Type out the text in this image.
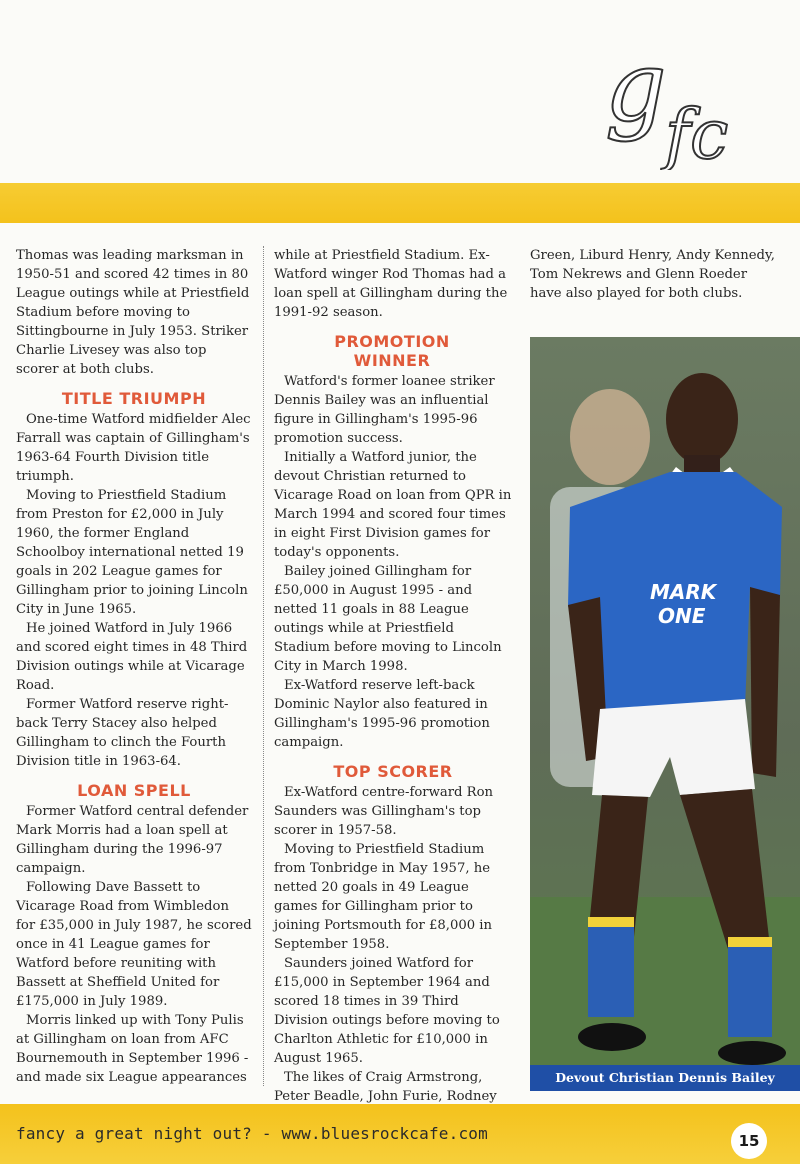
g
fc

Thomas was leading marksman in 1950-51 and scored 42 times in 80 League outings while at Priestfield Stadium before moving to Sittingbourne in July 1953. Striker Charlie Livesey was also top scorer at both clubs.

TITLE TRIUMPH

One-time Watford midfielder Alec Farrall was captain of Gillingham's 1963-64 Fourth Division title triumph.

Moving to Priestfield Stadium from Preston for £2,000 in July 1960, the former England Schoolboy international netted 19 goals in 202 League games for Gillingham prior to joining Lincoln City in June 1965.

He joined Watford in July 1966 and scored eight times in 48 Third Division outings while at Vicarage Road.

Former Watford reserve right-back Terry Stacey also helped Gillingham to clinch the Fourth Division title in 1963-64.

LOAN SPELL

Former Watford central defender Mark Morris had a loan spell at Gillingham during the 1996-97 campaign.

Following Dave Bassett to Vicarage Road from Wimbledon for £35,000 in July 1987, he scored once in 41 League games for Watford before reuniting with Bassett at Sheffield United for £175,000 in July 1989.

Morris linked up with Tony Pulis at Gillingham on loan from AFC Bournemouth in September 1996 - and made six League appearances

while at Priestfield Stadium. Ex-Watford winger Rod Thomas had a loan spell at Gillingham during the 1991-92 season.

PROMOTION WINNER

Watford's former loanee striker Dennis Bailey was an influential figure in Gillingham's 1995-96 promotion success.

Initially a Watford junior, the devout Christian returned to Vicarage Road on loan from QPR in March 1994 and scored four times in eight First Division games for today's opponents.

Bailey joined Gillingham for £50,000 in August 1995 - and netted 11 goals in 88 League outings while at Priestfield Stadium before moving to Lincoln City in March 1998.

Ex-Watford reserve left-back Dominic Naylor also featured in Gillingham's 1995-96 promotion campaign.

TOP SCORER

Ex-Watford centre-forward Ron Saunders was Gillingham's top scorer in 1957-58.

Moving to Priestfield Stadium from Tonbridge in May 1957, he netted 20 goals in 49 League games for Gillingham prior to joining Portsmouth for £8,000 in September 1958.

Saunders joined Watford for £15,000 in September 1964 and scored 18 times in 39 Third Division outings before moving to Charlton Athletic for £10,000 in August 1965.

The likes of Craig Armstrong, Peter Beadle, John Furie, Rodney

Green, Liburd Henry, Andy Kennedy, Tom Nekrews and Glenn Roeder have also played for both clubs.

MARK
ONE
Devout Christian Dennis Bailey
fancy a great night out? - www.bluesrockcafe.com	15
